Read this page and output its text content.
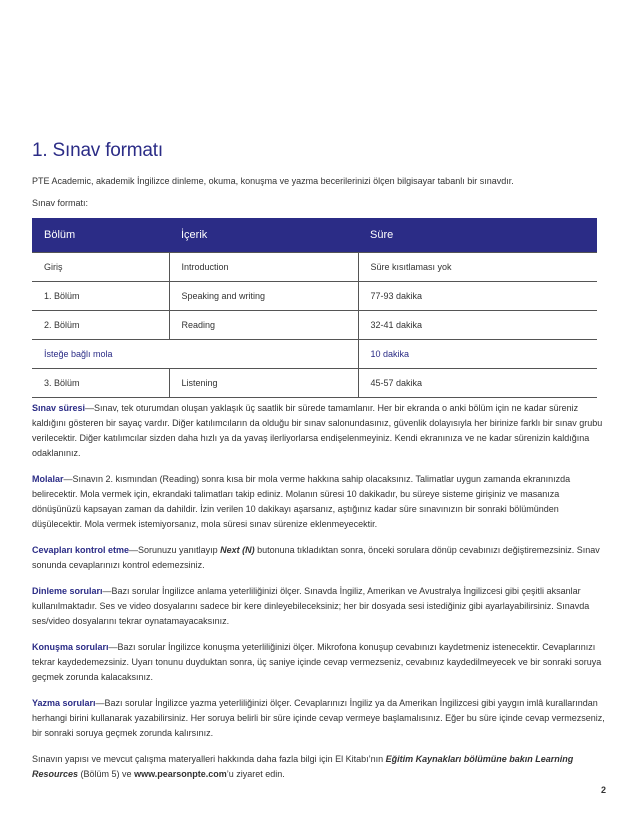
1. Sınav formatı

PTE Academic, akademik İngilizce dinleme, okuma, konuşma ve yazma becerilerinizi ölçen bilgisayar tabanlı bir sınavdır.

Sınav formatı:

Bölüm	İçerik	Süre
Giriş	Introduction	Süre kısıtlaması yok
1. Bölüm	Speaking and writing	77-93 dakika
2. Bölüm	Reading	32-41 dakika
İsteğe bağlı mola		10 dakika
3. Bölüm	Listening	45-57 dakika

Sınav süresi—Sınav, tek oturumdan oluşan yaklaşık üç saatlik bir sürede tamamlanır. Her bir ekranda o anki bölüm için ne kadar süreniz kaldığını gösteren bir sayaç vardır. Diğer katılımcıların da olduğu bir sınav salonundasınız, güvenlik dolayısıyla her birinize farklı bir sınav grubu verilecektir. Diğer katılımcılar sizden daha hızlı ya da yavaş ilerliyorlarsa endişelenmeyiniz. Kendi ekranınıza ve ne kadar sürenizin kaldığına odaklanınız.

Molalar—Sınavın 2. kısmından (Reading) sonra kısa bir mola verme hakkına sahip olacaksınız. Talimatlar uygun zamanda ekranınızda belirecektir. Mola vermek için, ekrandaki talimatları takip ediniz. Molanın süresi 10 dakikadır, bu süreye sisteme girişiniz ve masanıza dönüşünüzü kapsayan zaman da dahildir. İzin verilen 10 dakikayı aşarsanız, aştığınız kadar süre sınavınızın bir sonraki bölümünden düşülecektir. Mola vermek istemiyorsanız, mola süresi sınav sürenize eklenmeyecektir.

Cevapları kontrol etme—Sorunuzu yanıtlayıp Next (N) butonuna tıkladıktan sonra, önceki sorulara dönüp cevabınızı değiştiremezsiniz. Sınav sonunda cevaplarınızı kontrol edemezsiniz.

Dinleme soruları—Bazı sorular İngilizce anlama yeterliliğinizi ölçer. Sınavda İngiliz, Amerikan ve Avustralya İngilizcesi gibi çeşitli aksanlar kullanılmaktadır. Ses ve video dosyalarını sadece bir kere dinleyebileceksiniz; her bir dosyada sesi istediğiniz gibi ayarlayabilirsiniz. Sınavda ses/video dosyalarını tekrar oynatamayacaksınız.

Konuşma soruları—Bazı sorular İngilizce konuşma yeterliliğinizi ölçer. Mikrofona konuşup cevabınızı kaydetmeniz istenecektir. Cevaplarınızı tekrar kaydedemezsiniz. Uyarı tonunu duyduktan sonra, üç saniye içinde cevap vermezseniz, cevabınız kaydedilmeyecek ve bir sonraki soruya geçmek zorunda kalacaksınız.

Yazma soruları—Bazı sorular İngilizce yazma yeterliliğinizi ölçer. Cevaplarınızı İngiliz ya da Amerikan İngilizcesi gibi yaygın imlâ kurallarından herhangi birini kullanarak yazabilirsiniz. Her soruya belirli bir süre içinde cevap vermeye başlamalısınız. Eğer bu süre içinde cevap vermezseniz, bir sonraki soruya geçmek zorunda kalırsınız.

Sınavın yapısı ve mevcut çalışma materyalleri hakkında daha fazla bilgi için El Kitabı’nın Eğitim Kaynakları bölümüne bakın Learning Resources (Bölüm 5) ve www.pearsonpte.com’u ziyaret edin.

2
